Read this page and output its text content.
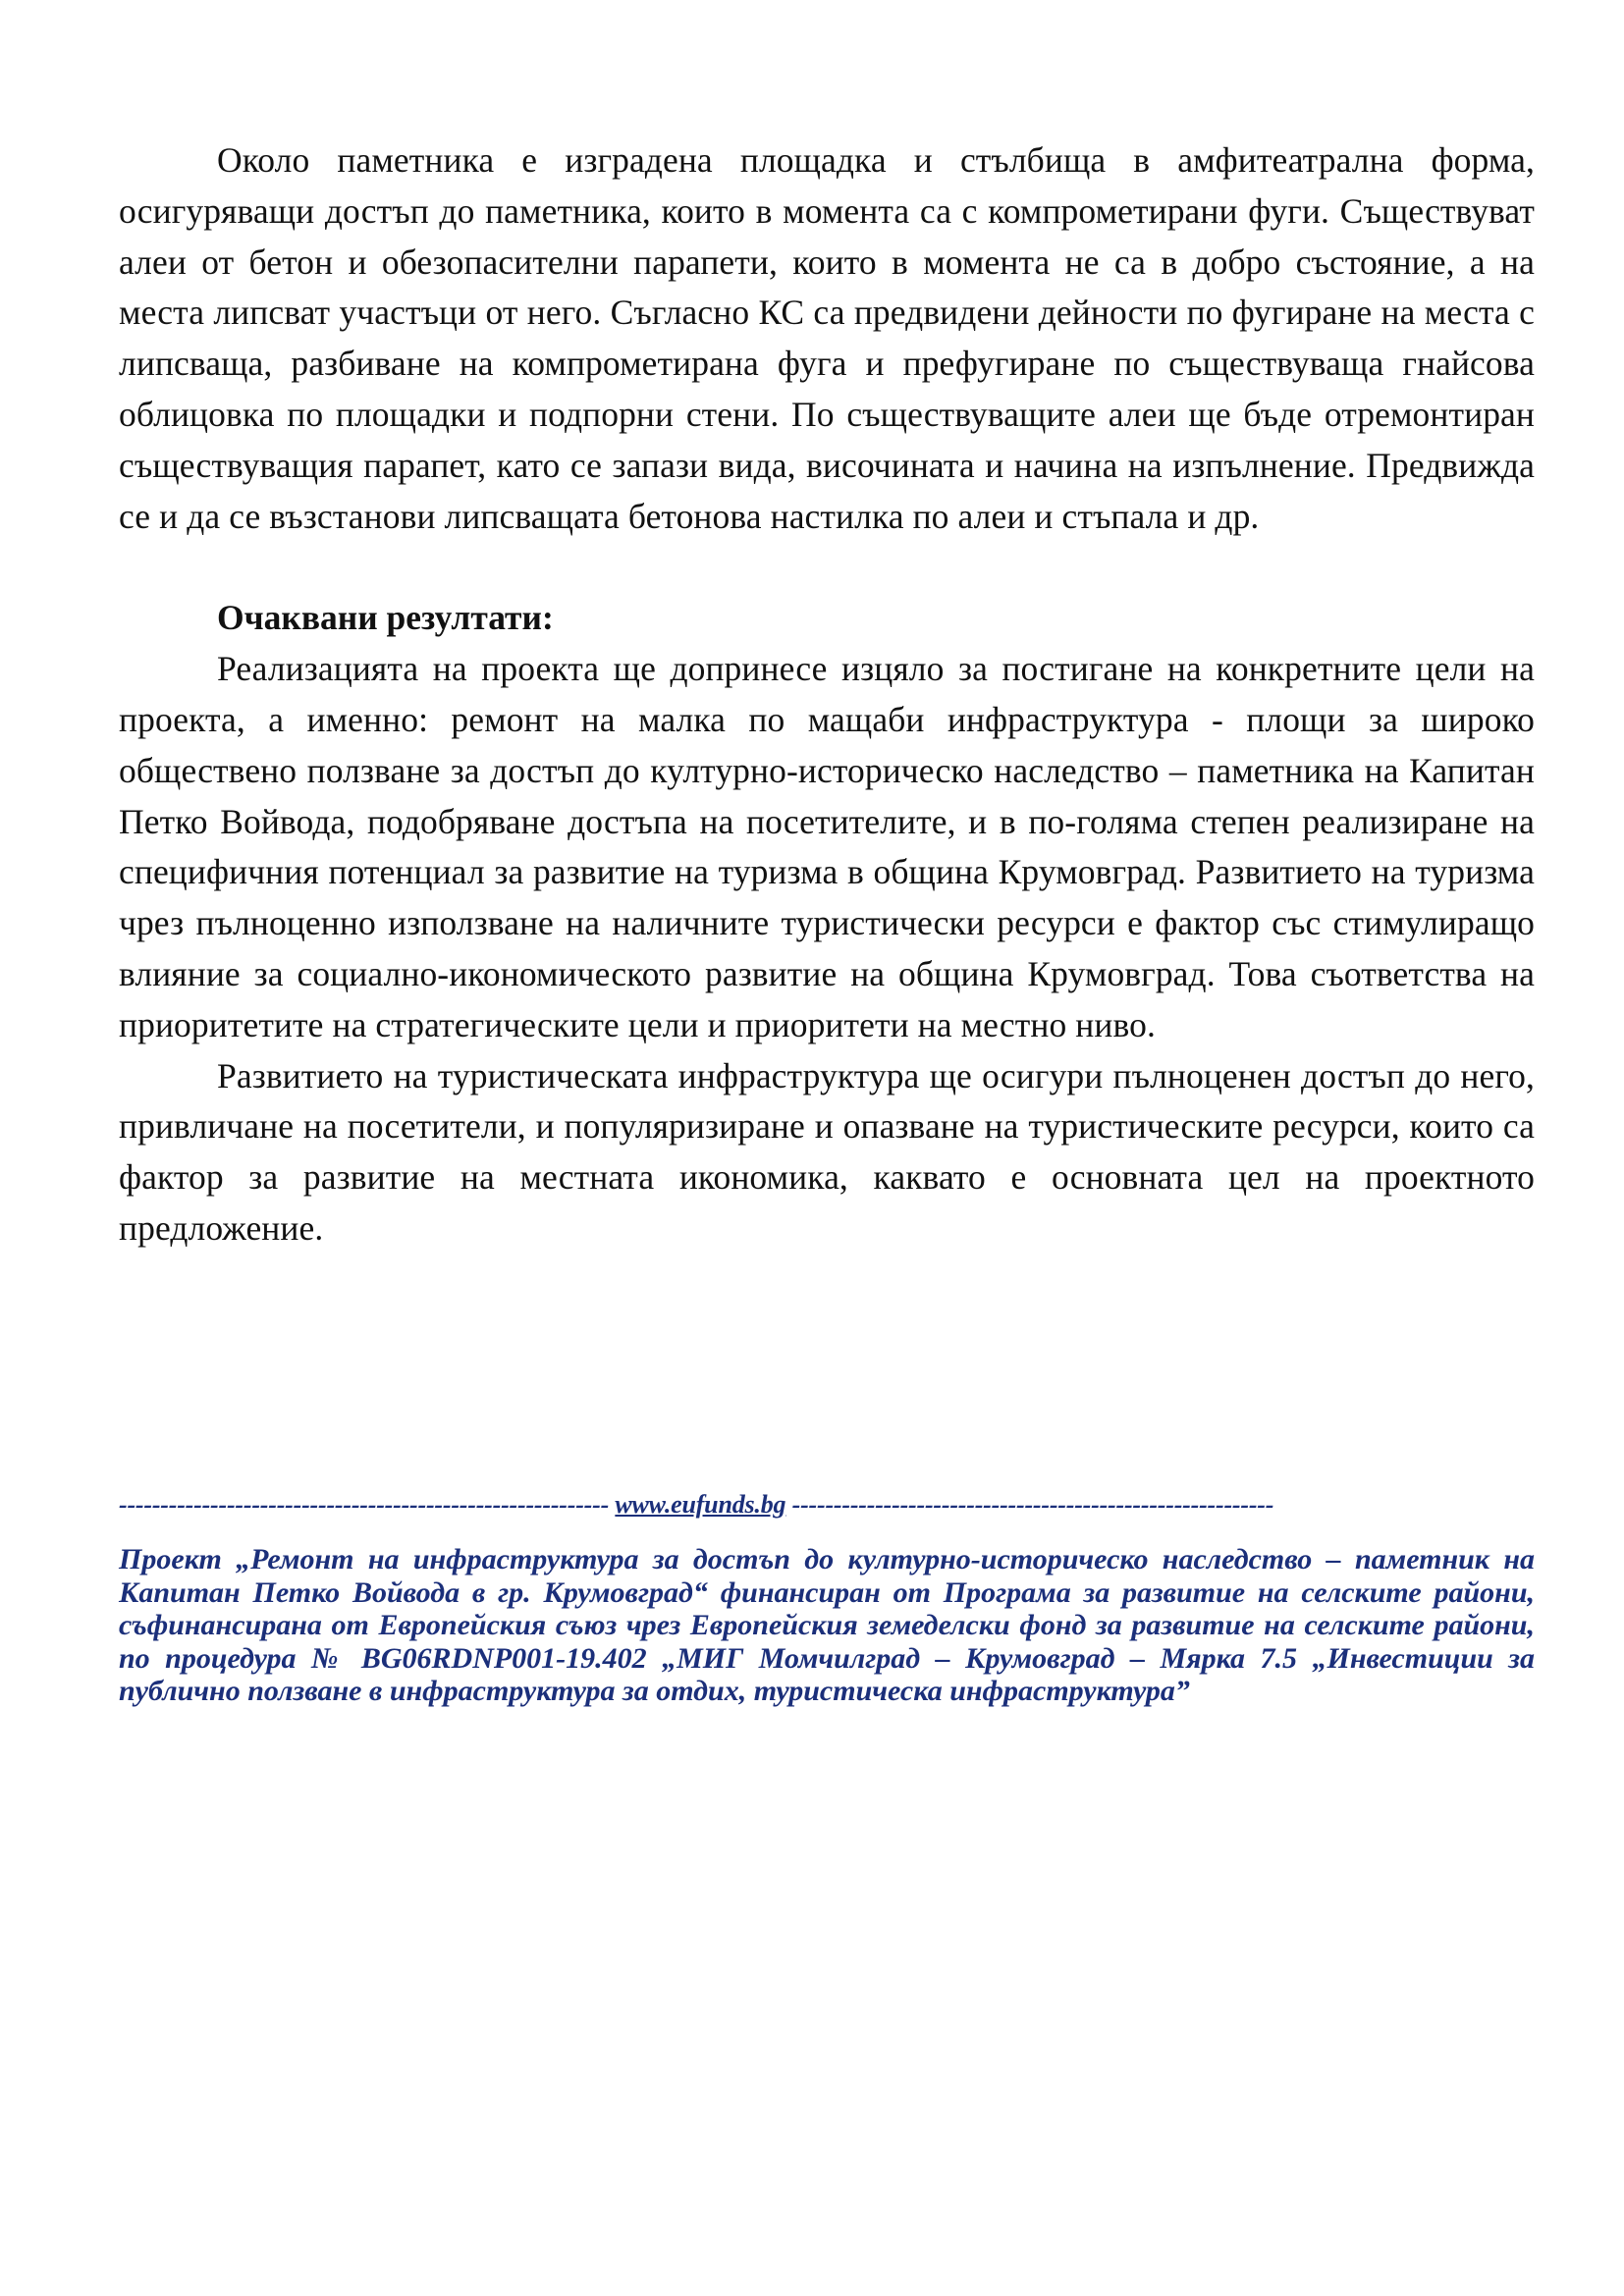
Около паметника е изградена площадка и стълбища в амфитеатрална форма, осигуряващи достъп до паметника, които в момента са с компрометирани фуги. Съществуват алеи от бетон и обезопасителни парапети, които в момента не са в добро състояние, а на места липсват участъци от него. Съгласно КС са предвидени дейности по фугиране на места с липсваща, разбиване на компрометирана фуга и префугиране по съществуваща гнайсова облицовка по площадки и подпорни стени. По съществуващите алеи ще бъде отремонтиран съществуващия парапет, като се запази вида, височината и начина на изпълнение. Предвижда се и да се възстанови липсващата бетонова настилка по алеи и стъпала и др.

Очаквани резултати:

Реализацията на проекта ще допринесе изцяло за постигане на конкретните цели на проекта, а именно: ремонт на малка по мащаби инфраструктура - площи за широко обществено ползване за достъп до културно-историческо наследство – паметника на Капитан Петко Войвода, подобряване достъпа на посетителите, и в по-голяма степен реализиране на специфичния потенциал за развитие на туризма в община Крумовград. Развитието на туризма чрез пълноценно използване на наличните туристически ресурси е фактор със стимулиращо влияние за социално-икономическото развитие на община Крумовград. Това съответства на приоритетите на стратегическите цели и приоритети на местно ниво.

Развитието на туристическата инфраструктура ще осигури пълноценен достъп до него, привличане на посетители, и популяризиране и опазване на туристическите ресурси, които са фактор за развитие на местната икономика, каквато е основната цел на проектното предложение.

----------------------------------------------------------- www.eufunds.bg ----------------------------------------------------------
Проект „Ремонт на инфраструктура за достъп до културно-историческо наследство – паметник на Капитан Петко Войвода в гр. Крумовград“ финансиран от Програма за развитие на селските райони, съфинансирана от Европейския съюз чрез Европейския земеделски фонд за развитие на селските райони, по процедура № BG06RDNP001-19.402 „МИГ Момчилград – Крумовград – Мярка 7.5 „Инвестиции за публично ползване в инфраструктура за отдих, туристическа инфраструктура”
